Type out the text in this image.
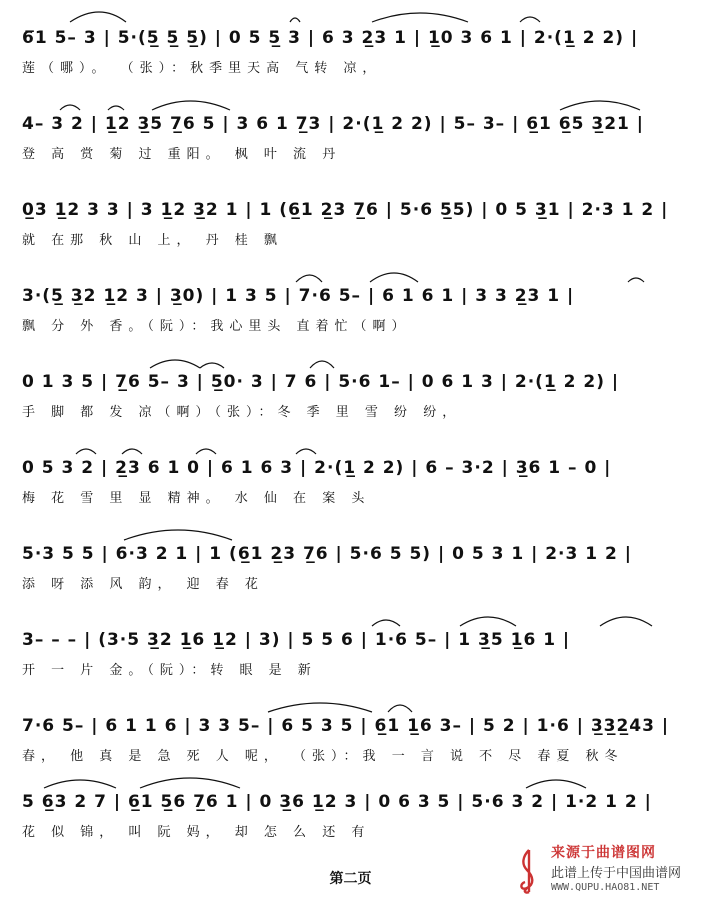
6̅1 5– 3 | 5·(5̲ 5̲ 5̲) | 0 5 5̲ 3 | 6 3 2̲3 1 | 1̲0 3 6 1 | 2·(1̲ 2 2) |
莲（哪）。 （张）：秋季里天高 气转 凉，
4– 3 2 | 1̲2 3̲5 7̲6 5 | 3 6 1 7̲3 | 2·(1̲ 2 2) | 5– 3– | 6̲1 6̲5 3̲21 |
登 高 赏 菊 过 重阳。 枫 叶 流 丹
0̲3 1̲2 3 3 | 3 1̲2 3̲2 1 | 1 (6̲1 2̲3 7̲6 | 5·6 5̲5) | 0 5 3̲1 | 2·3 1 2 |
就 在那 秋 山 上， 丹 桂 飘
3·(5̲ 3̲2 1̲2 3 | 3̲0) | 1 3 5 | 7·6 5– | 6 1 6 1 | 3 3 2̲3 1 |
飘 分 外 香。（阮）：我心里头 直着忙（啊）
0 1 3 5 | 7̲6 5– 3 | 5̲0· 3 | 7 6 | 5·6 1– | 0 6 1 3 | 2·(1̲ 2 2) |
手 脚 都 发 凉（啊）（张）：冬 季 里 雪 纷 纷，
0 5 3 2 | 2̲3 6 1 0 | 6 1 6 3 | 2·(1̲ 2 2) | 6 – 3·2 | 3̲6 1 – 0 |
梅 花 雪 里 显 精神。 水 仙 在 案 头
5·3 5 5 | 6·3 2 1 | 1 (6̲1 2̲3 7̲6 | 5·6 5 5) | 0 5 3 1 | 2·3 1 2 |
添 呀 添 风 韵， 迎 春 花
3– – – | (3·5 3̲2 1̲6 1̲2 | 3) | 5 5 6 | 1·6 5– | 1 3̲5 1̲6 1 |
开 一 片 金。（阮）：转 眼 是 新
7·6 5– | 6 1 1 6 | 3 3 5– | 6 5 3 5 | 6̲1 1̲6 3– | 5 2 | 1·6 | 3̲3̲2̲43 |
春， 他 真 是 急 死 人 呢， （张）：我 一 言 说 不 尽 春夏 秋冬
5 6̲3 2 7 | 6̲1 5̲6 7̲6 1 | 0 3̲6 1̲2 3 | 0 6 3 5 | 5·6 3 2 | 1·2 1 2 |
花 似 锦， 叫 阮 妈， 却 怎 么 还 有
第二页
来源于曲谱图网
此谱上传于中国曲谱网
WWW.QUPU.HAO81.NET
